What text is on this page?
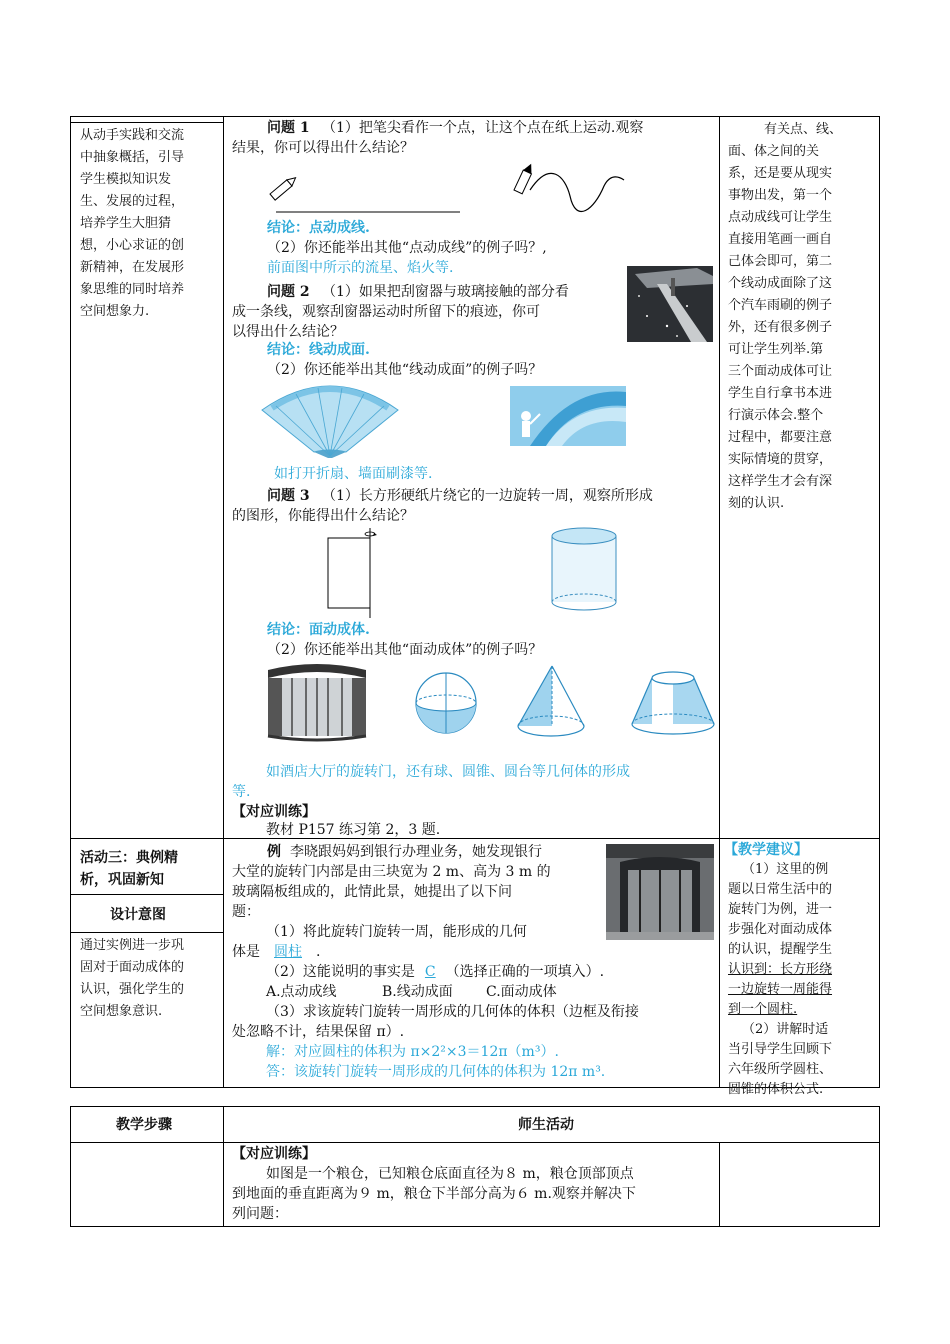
从动手实践和交流
中抽象概括，引导
学生模拟知识发
生、发展的过程，
培养学生大胆猜
想，小心求证的创
新精神，在发展形
象思维的同时培养
空间想象力.
活动三：典例精
析，巩固新知
设计意图
通过实例进一步巩
固对于面动成体的
认识，强化学生的
空间想象意识.
问题 1 （1）把笔尖看作一个点，让这个点在纸上运动.观察
结果，你可以得出什么结论？
结论：点动成线.
（2）你还能举出其他“点动成线”的例子吗？,
前面图中所示的流星、焰火等.
问题 2 （1）如果把刮窗器与玻璃接触的部分看
成一条线，观察刮窗器运动时所留下的痕迹，你可
以得出什么结论？
结论：线动成面.
（2）你还能举出其他“线动成面”的例子吗？
如打开折扇、墙面刷漆等.
问题 3 （1）长方形硬纸片绕它的一边旋转一周，观察所形成
的图形，你能得出什么结论？
结论：面动成体.
（2）你还能举出其他“面动成体”的例子吗？
如酒店大厅的旋转门，还有球、圆锥、圆台等几何体的形成
等.
【对应训练】
教材 P157 练习第 2，3 题.
例 李晓跟妈妈到银行办理业务，她发现银行
大堂的旋转门内部是由三块宽为 2 m、高为 3 m 的
玻璃隔板组成的，此情此景，她提出了以下问
题：
（1）将此旋转门旋转一周，能形成的几何
体是 圆柱 .
（2）这能说明的事实是 C （选择正确的一项填入）.
A.点动成线	B.线动成面 C.面动成体
（3）求该旋转门旋转一周形成的几何体的体积（边框及衔接
处忽略不计，结果保留 π）.
解：对应圆柱的体积为 π×2²×3＝12π（m³）.
答：该旋转门旋转一周形成的几何体的体积为 12π m³.
有关点、线、
面、体之间的关
系，还是要从现实
事物出发，第一个
点动成线可让学生
直接用笔画一画自
己体会即可，第二
个线动成面除了这
个汽车雨刷的例子
外，还有很多例子
可让学生列举.第
三个面动成体可让
学生自行拿书本进
行演示体会.整个
过程中，都要注意
实际情境的贯穿，
这样学生才会有深
刻的认识.
【教学建议】
（1）这里的例
题以日常生活中的
旋转门为例，进一
步强化对面动成体
的认识，提醒学生
认识到：长方形绕
一边旋转一周能得
到一个圆柱.
（2）讲解时适
当引导学生回顾下
六年级所学圆柱、
圆锥的体积公式.
教学步骤	师生活动
【对应训练】
如图是一个粮仓，已知粮仓底面直径为８ m，粮仓顶部顶点
到地面的垂直距离为９ m，粮仓下半部分高为６ m.观察并解决下
列问题：
